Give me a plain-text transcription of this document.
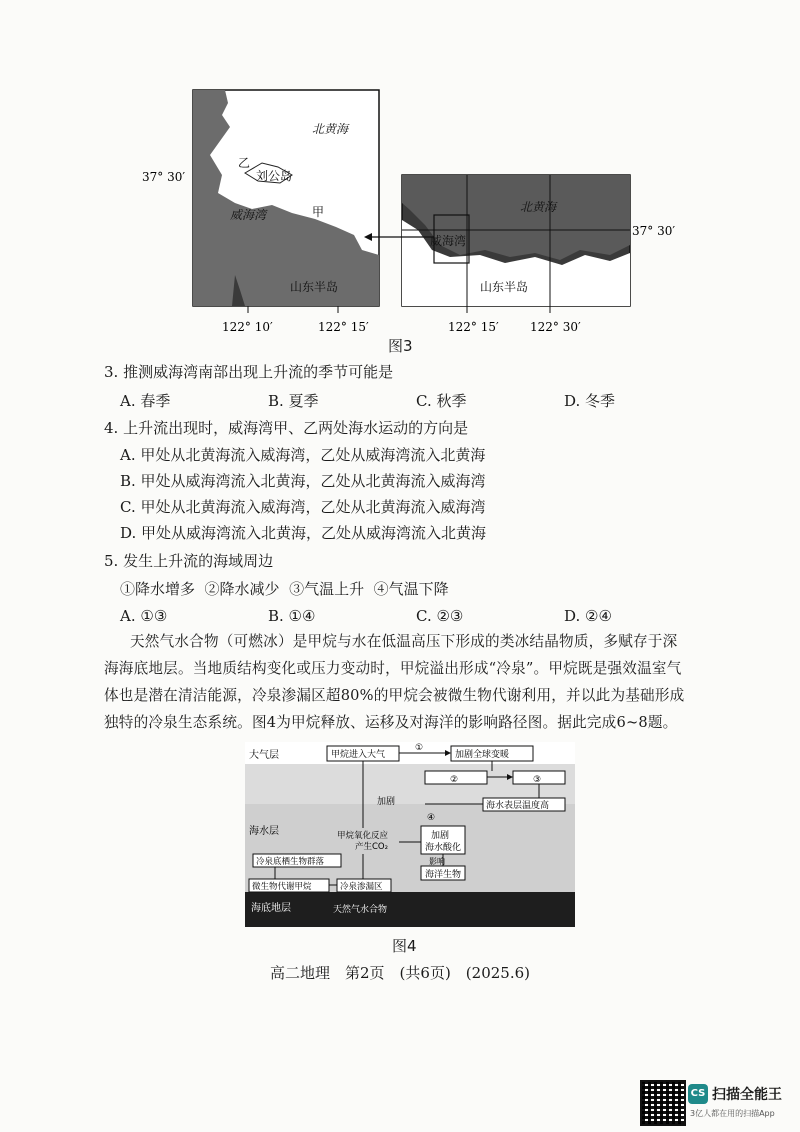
37° 30′
北黄海
乙
刘公岛
甲
威海湾
山东半岛
122° 10′	122° 15′
北黄海
威海湾
山东半岛
37° 30′
122° 15′	122° 30′
图3
3. 推测威海湾南部出现上升流的季节可能是
A. 春季	B. 夏季	C. 秋季	D. 冬季
4. 上升流出现时，威海湾甲、乙两处海水运动的方向是
A. 甲处从北黄海流入威海湾，乙处从威海湾流入北黄海
B. 甲处从威海湾流入北黄海，乙处从北黄海流入威海湾
C. 甲处从北黄海流入威海湾，乙处从北黄海流入威海湾
D. 甲处从威海湾流入北黄海，乙处从威海湾流入北黄海
5. 发生上升流的海域周边
①降水增多  ②降水减少  ③气温上升  ④气温下降
A. ①③	B. ①④	C. ②③	D. ②④
天然气水合物（可燃冰）是甲烷与水在低温高压下形成的类冰结晶物质，多赋存于深
海海底地层。当地质结构变化或压力变动时，甲烷溢出形成“冷泉”。甲烷既是强效温室气
体也是潜在清洁能源，冷泉渗漏区超80%的甲烷会被微生物代谢利用，并以此为基础形成
独特的冷泉生态系统。图4为甲烷释放、运移及对海洋的影响路径图。据此完成6~8题。
大气层
海水层
海底地层
甲烷进入大气
①
加剧全球变暖
②	③
海水表层温度高
④
加剧
甲烷氧化反应
产生CO₂
加剧
海水酸化
影响
海洋生物
冷泉底栖生物群落
微生物代谢甲烷	冷泉渗漏区
天然气水合物
图4
高二地理　第2页　(共6页)　(2025.6)
CS 扫描全能王
3亿人都在用的扫描App
